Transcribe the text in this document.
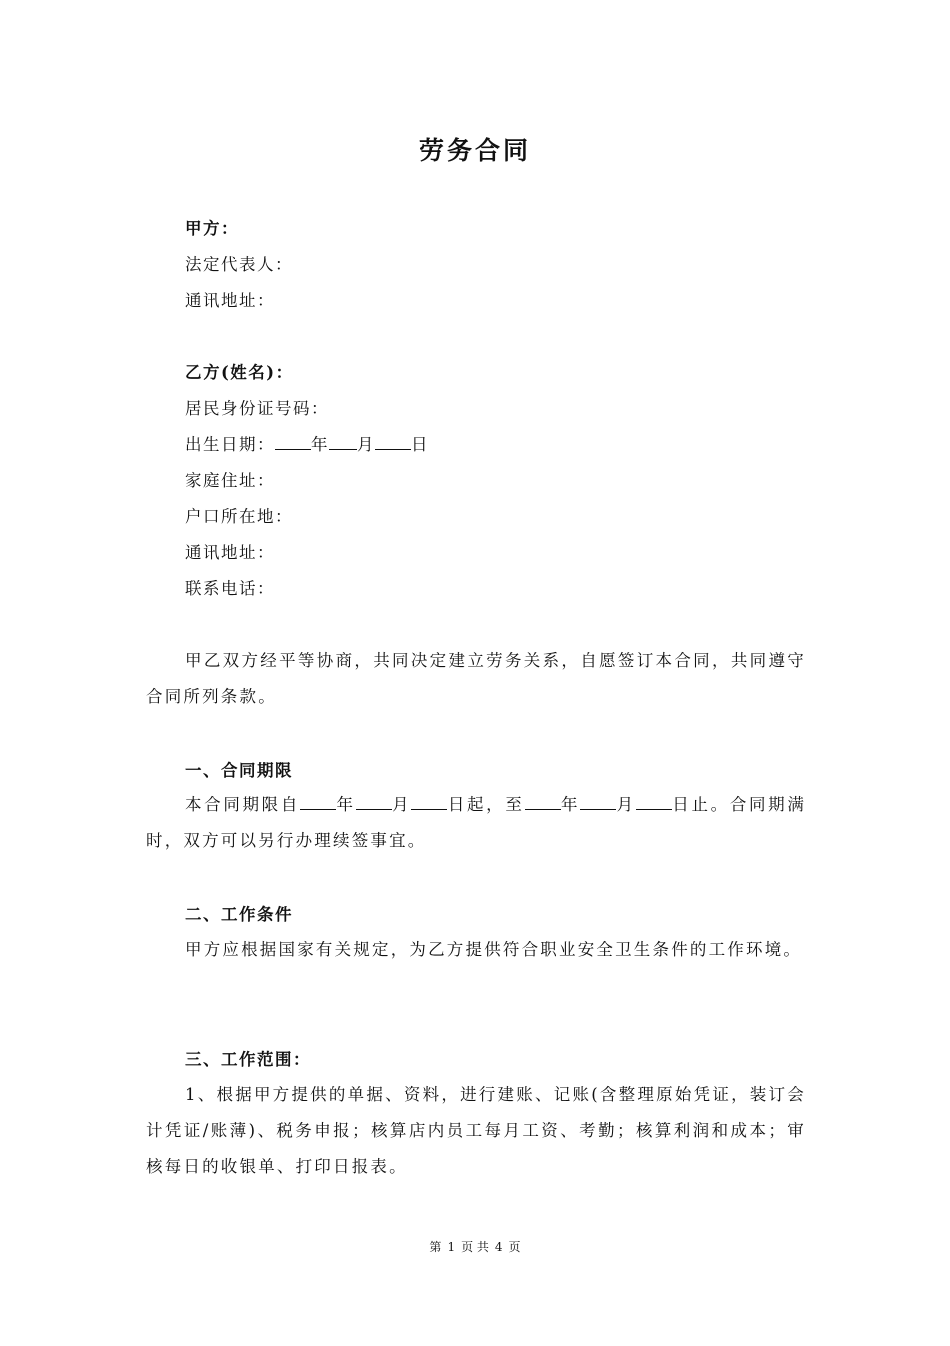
劳务合同
甲方：
法定代表人：
通讯地址：
乙方(姓名)：
居民身份证号码：
出生日期： 年 月 日
家庭住址：
户口所在地：
通讯地址：
联系电话：
甲乙双方经平等协商，共同决定建立劳务关系，自愿签订本合同，共同遵守合同所列条款。
一、合同期限
本合同期限自 年 月 日起，至 年 月 日止。合同期满时，双方可以另行办理续签事宜。
二、工作条件
甲方应根据国家有关规定，为乙方提供符合职业安全卫生条件的工作环境。
三、工作范围：
1、根据甲方提供的单据、资料，进行建账、记账(含整理原始凭证，装订会计凭证/账薄)、税务申报；核算店内员工每月工资、考勤；核算利润和成本；审核每日的收银单、打印日报表。
第 1 页 共 4 页
